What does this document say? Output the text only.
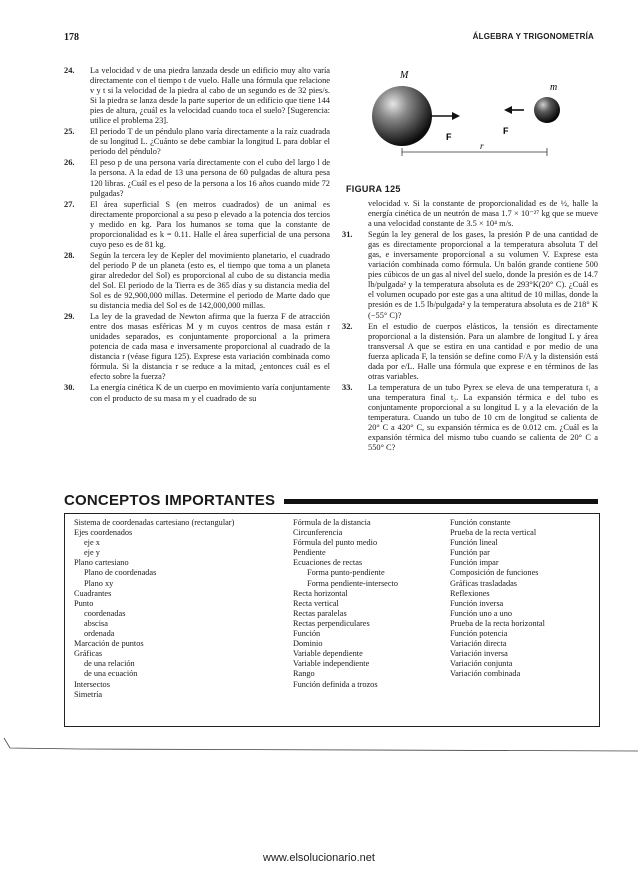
178	ÁLGEBRA Y TRIGONOMETRÍA
24. La velocidad v de una piedra lanzada desde un edificio muy alto varía directamente con el tiempo t de vuelo. Halle una fórmula que relacione v y t si la velocidad de la piedra al cabo de un segundo es de 32 pies/s. Si la piedra se lanza desde la parte superior de un edificio que tiene 144 pies de altura, ¿cuál es la velocidad cuando toca el suelo? [Sugerencia: utilice el problema 23].
25. El periodo T de un péndulo plano varía directamente a la raíz cuadrada de su longitud L. ¿Cuánto se debe cambiar la longitud L para doblar el periodo del péndulo?
26. El peso p de una persona varía directamente con el cubo del largo l de la persona. A la edad de 13 una persona de 60 pulgadas de altura pesa 120 libras. ¿Cuál es el peso de la persona a los 16 años cuando mide 72 pulgadas?
27. El área superficial S (en metros cuadrados) de un animal es directamente proporcional a su peso p elevado a la potencia dos tercios y medido en kg. Para los humanos se toma que la constante de proporcionalidad es k = 0.11. Halle el área superficial de una persona cuyo peso es de 81 kg.
28. Según la tercera ley de Kepler del movimiento planetario, el cuadrado del periodo P de un planeta (esto es, el tiempo que toma a un planeta girar alrededor del Sol) es proporcional al cubo de su distancia media del Sol. El periodo de la Tierra es de 365 días y su distancia media del Sol es de 92,900,000 millas. Determine el periodo de Marte dado que su distancia media del Sol es de 142,000,000 millas.
29. La ley de la gravedad de Newton afirma que la fuerza F de atracción entre dos masas esféricas M y m cuyos centros de masa están r unidades separados, es conjuntamente proporcional a la primera potencia de cada masa e inversamente proporcional al cuadrado de la distancia r (véase figura 125). Exprese esta variación combinada como fórmula. Si la distancia r se reduce a la mitad, ¿entonces cuál es el efecto sobre la fuerza?
30. La energía cinética K de un cuerpo en movimiento varía conjuntamente con el producto de su masa m y el cuadrado de su
M
m
F
F
r
FIGURA 125
velocidad v. Si la constante de proporcionalidad es de ½, halle la energía cinética de un neutrón de masa 1.7 × 10⁻²⁷ kg que se mueve a una velocidad constante de 3.5 × 10⁴ m/s.
31. Según la ley general de los gases, la presión P de una cantidad de gas es directamente proporcional a la temperatura absoluta T del gas, e inversamente proporcional a su volumen V. Exprese esta variación combinada como fórmula. Un balón grande contiene 500 pies cúbicos de un gas al nivel del suelo, donde la presión es de 14.7 lb/pulgada² y la temperatura absoluta es de 293°K(20° C). ¿Cuál es el volumen ocupado por este gas a una altitud de 10 millas, donde la presión es de 1.5 lb/pulgada² y la temperatura absoluta es de 218° K (−55° C)?
32. En el estudio de cuerpos elásticos, la tensión es directamente proporcional a la distensión. Para un alambre de longitud L y área transversal A que se estira en una cantidad e por medio de una fuerza aplicada F, la tensión se define como F/A y la distensión está dada por e/L. Halle una fórmula que exprese e en términos de las otras variables.
33. La temperatura de un tubo Pyrex se eleva de una temperatura t₁ a una temperatura final t₂. La expansión térmica e del tubo es conjuntamente proporcional a su longitud L y a la elevación de la temperatura. Cuando un tubo de 10 cm de longitud se calienta de 20° C a 420° C, su expansión térmica es de 0.012 cm. ¿Cuál es la expansión térmica del mismo tubo cuando se calienta de 20° C a 550° C?
CONCEPTOS IMPORTANTES
Sistema de coordenadas cartesiano (rectangular)
Ejes coordenados
eje x
eje y
Plano cartesiano
Plano de coordenadas
Plano xy
Cuadrantes
Punto
coordenadas
abscisa
ordenada
Marcación de puntos
Gráficas
de una relación
de una ecuación
Intersectos
Simetría
Fórmula de la distancia
Circunferencia
Fórmula del punto medio
Pendiente
Ecuaciones de rectas
Forma punto-pendiente
Forma pendiente-intersecto
Recta horizontal
Recta vertical
Rectas paralelas
Rectas perpendiculares
Función
Dominio
Variable dependiente
Variable independiente
Rango
Función definida a trozos
Función constante
Prueba de la recta vertical
Función lineal
Función par
Función impar
Composición de funciones
Gráficas trasladadas
Reflexiones
Función inversa
Función uno a uno
Prueba de la recta horizontal
Función potencia
Variación directa
Variación inversa
Variación conjunta
Variación combinada
www.elsolucionario.net
